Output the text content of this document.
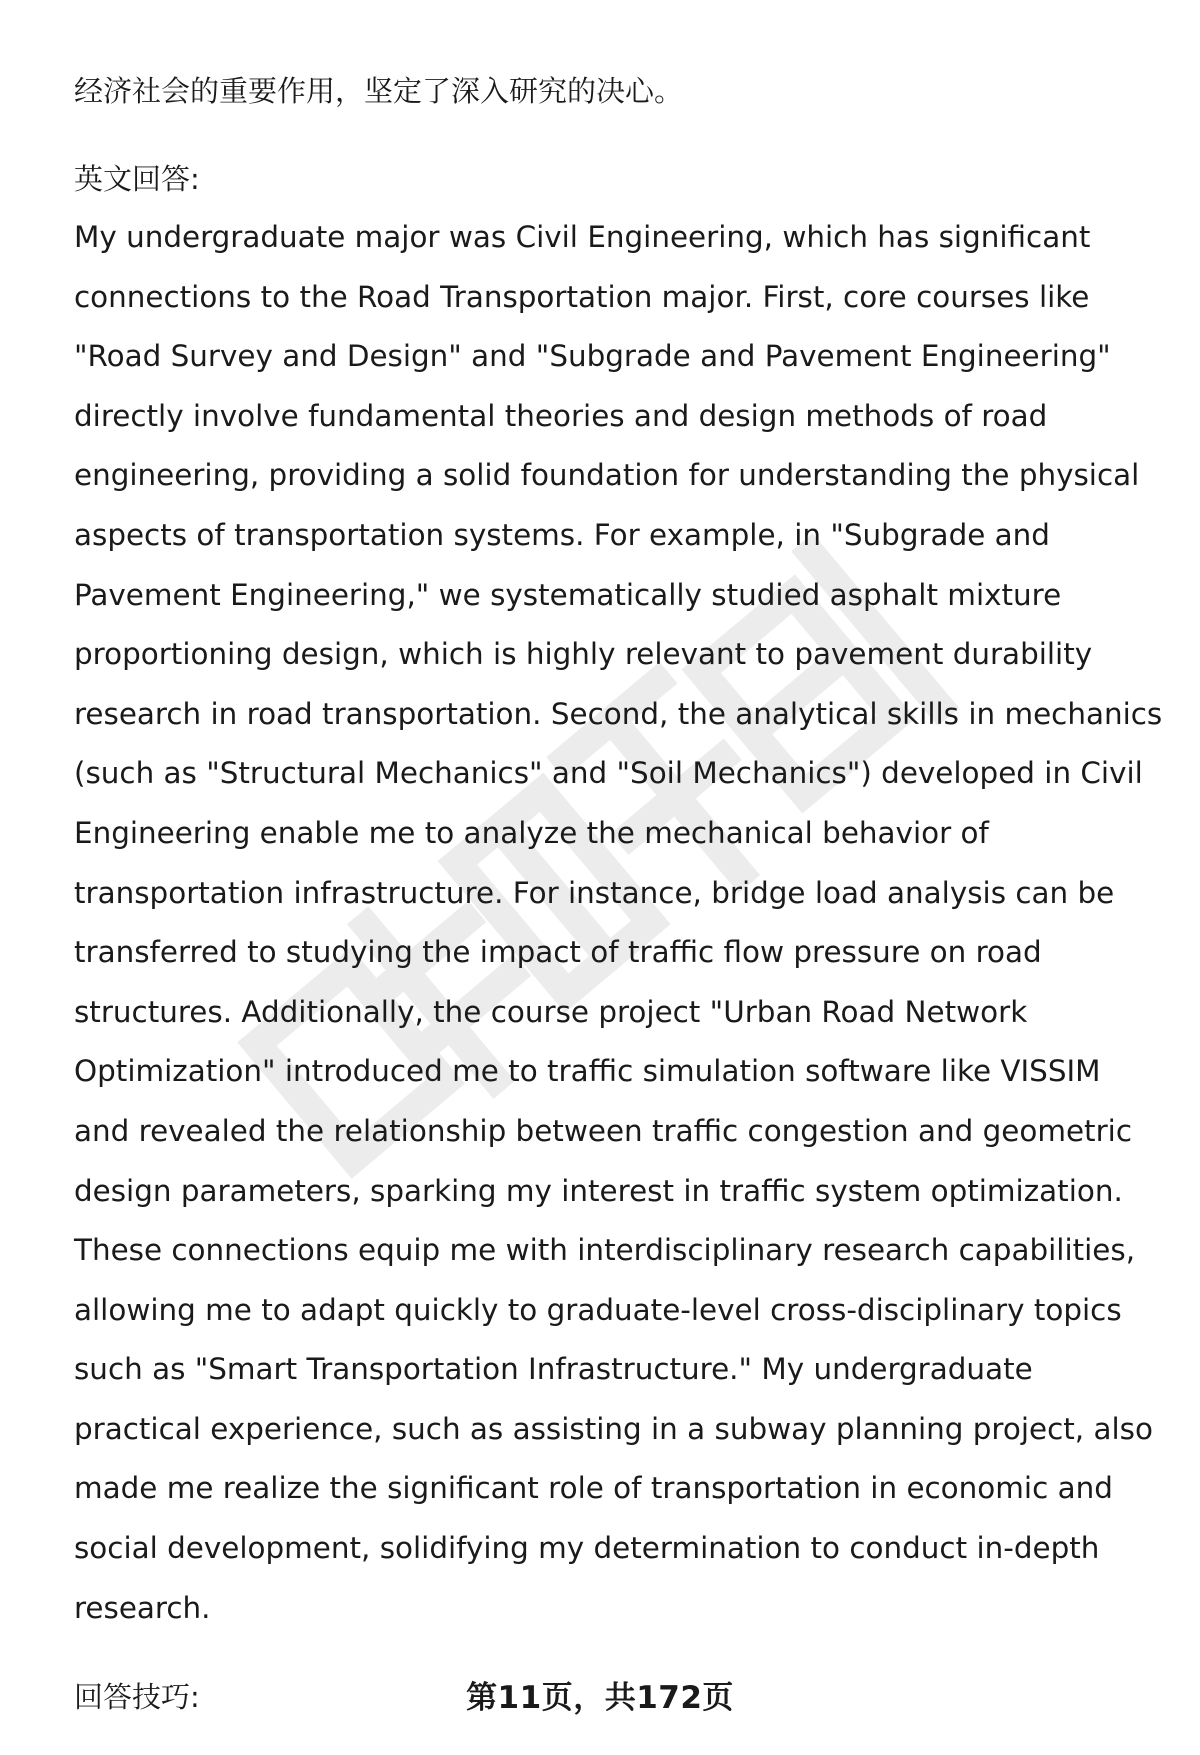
经济社会的重要作用，坚定了深入研究的决心。

英文回答:

My undergraduate major was Civil Engineering, which has significant connections to the Road Transportation major. First, core courses like "Road Survey and Design" and "Subgrade and Pavement Engineering" directly involve fundamental theories and design methods of road engineering, providing a solid foundation for understanding the physical aspects of transportation systems. For example, in "Subgrade and Pavement Engineering," we systematically studied asphalt mixture proportioning design, which is highly relevant to pavement durability research in road transportation. Second, the analytical skills in mechanics (such as "Structural Mechanics" and "Soil Mechanics") developed in Civil Engineering enable me to analyze the mechanical behavior of transportation infrastructure. For instance, bridge load analysis can be transferred to studying the impact of traffic flow pressure on road structures. Additionally, the course project "Urban Road Network Optimization" introduced me to traffic simulation software like VISSIM and revealed the relationship between traffic congestion and geometric design parameters, sparking my interest in traffic system optimization. These connections equip me with interdisciplinary research capabilities, allowing me to adapt quickly to graduate-level cross-disciplinary topics such as "Smart Transportation Infrastructure." My undergraduate practical experience, such as assisting in a subway planning project, also made me realize the significant role of transportation in economic and social development, solidifying my determination to conduct in-depth research.

回答技巧:	第11页，共172页
